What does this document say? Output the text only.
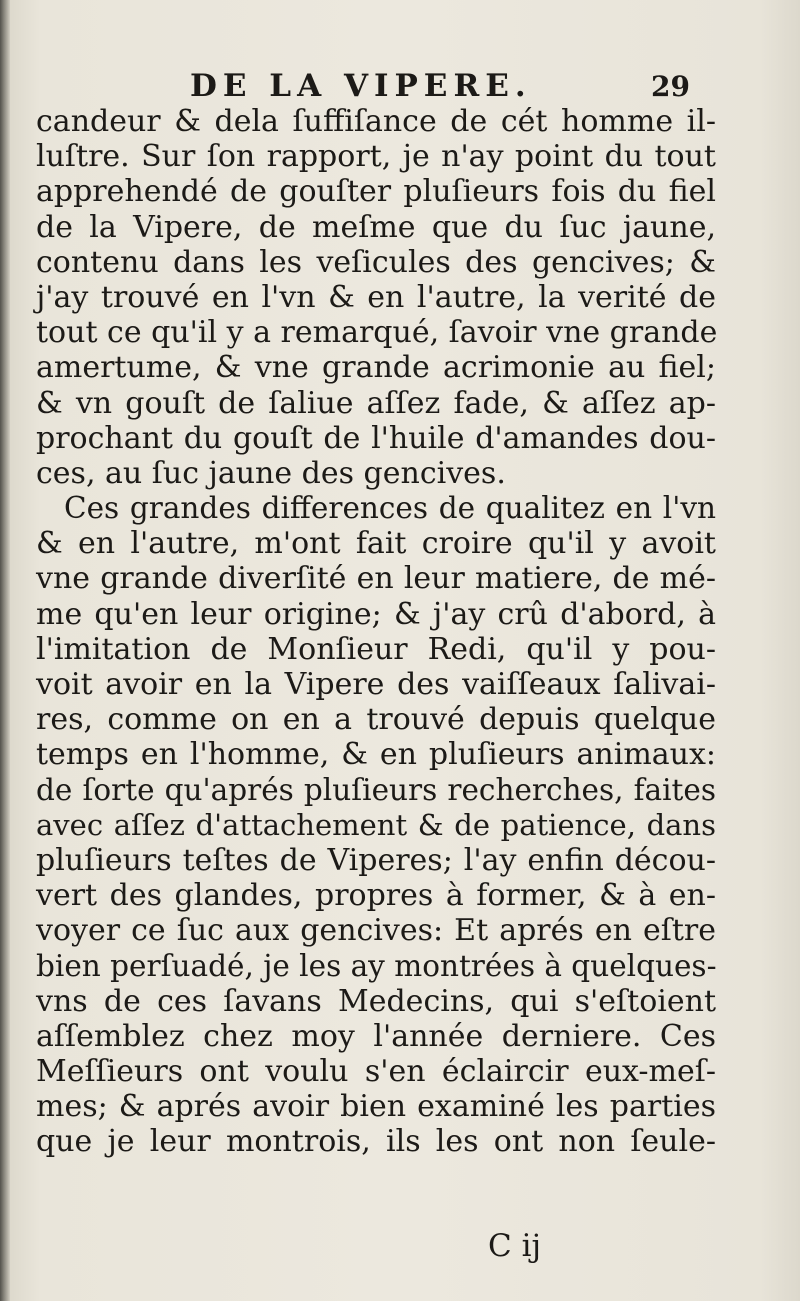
DE LA VIPERE.	29
candeur & dela ſuffiſance de cét homme il-
luſtre. Sur ſon rapport, je n'ay point du tout
apprehendé de gouſter pluſieurs fois du fiel
de la Vipere, de meſme que du ſuc jaune,
contenu dans les veſicules des gencives; &
j'ay trouvé en l'vn & en l'autre, la verité de
tout ce qu'il y a remarqué, ſavoir vne grande
amertume, & vne grande acrimonie au fiel;
& vn gouſt de ſaliue aſſez fade, & aſſez ap-
prochant du gouſt de l'huile d'amandes dou-
ces, au ſuc jaune des gencives.
Ces grandes differences de qualitez en l'vn
& en l'autre, m'ont fait croire qu'il y avoit
vne grande diverſité en leur matiere, de mé-
me qu'en leur origine; & j'ay crû d'abord, à
l'imitation de Monſieur Redi, qu'il y pou-
voit avoir en la Vipere des vaiſſeaux ſalivai-
res, comme on en a trouvé depuis quelque
temps en l'homme, & en pluſieurs animaux:
de ſorte qu'aprés pluſieurs recherches, faites
avec aſſez d'attachement & de patience, dans
pluſieurs teſtes de Viperes; l'ay enfin décou-
vert des glandes, propres à former, & à en-
voyer ce ſuc aux gencives: Et aprés en eſtre
bien perſuadé, je les ay montrées à quelques-
vns de ces ſavans Medecins, qui s'eſtoient
aſſemblez chez moy l'année derniere. Ces
Meſſieurs ont voulu s'en éclaircir eux-meſ-
mes; & aprés avoir bien examiné les parties
que je leur montrois, ils les ont non ſeule-
C ij
